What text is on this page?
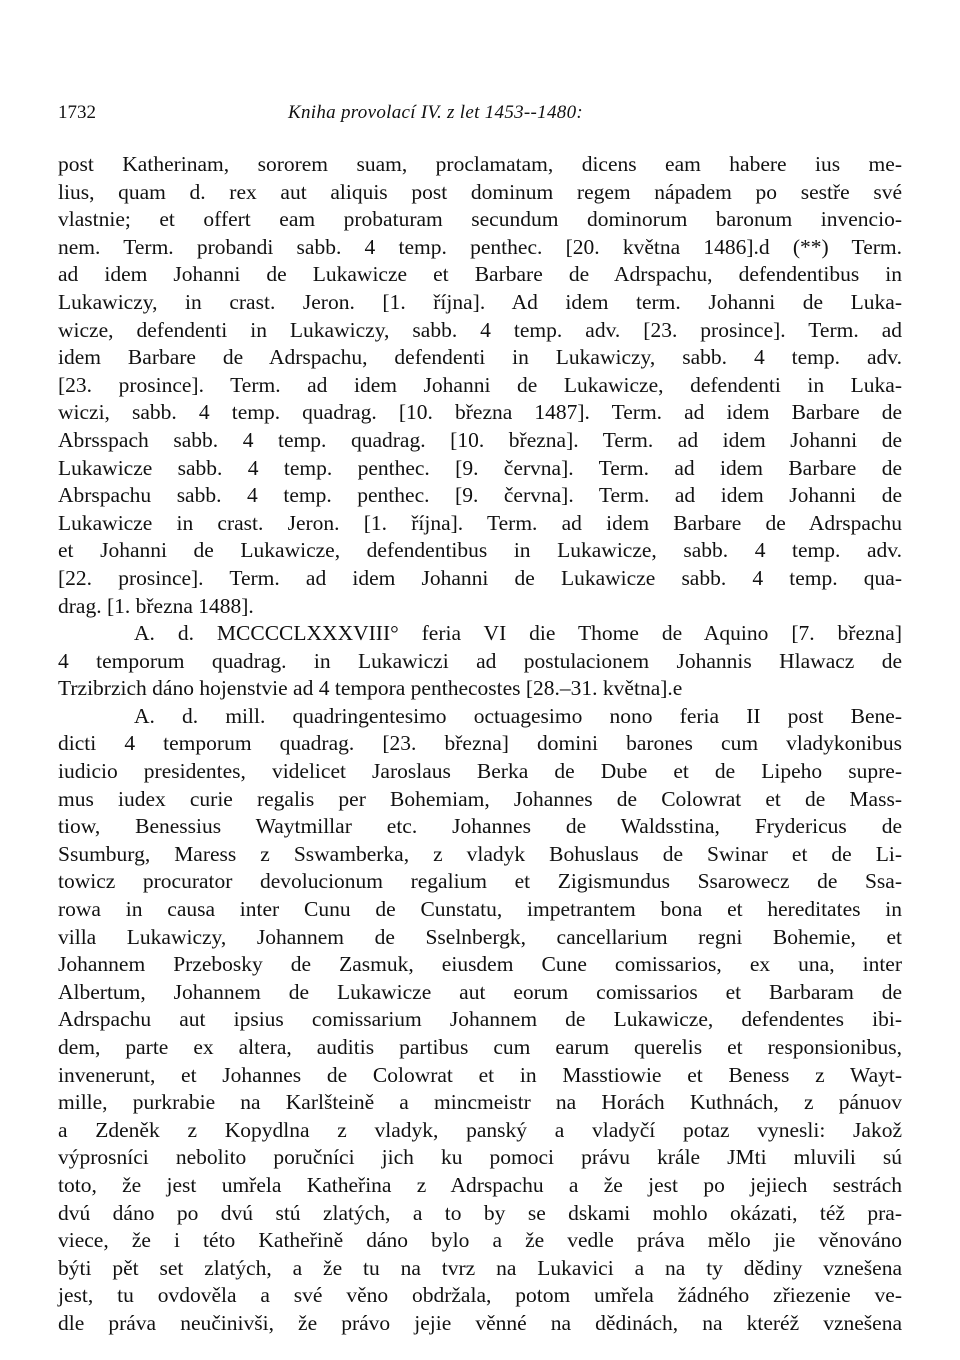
1732	Kniha provolací IV. z let 1453--1480:
post Katherinam, sororem suam, proclamatam, dicens eam habere ius me-
lius, quam d. rex aut aliquis post dominum regem nápadem po sestře své
vlastnie; et offert eam probaturam secundum dominorum baronum invencio-
nem. Term. probandi sabb. 4 temp. penthec. [20. května 1486].d (**) Term.
ad idem Johanni de Lukawicze et Barbare de Adrspachu, defendentibus in
Lukawiczy, in crast. Jeron. [1. října]. Ad idem term. Johanni de Luka-
wicze, defendenti in Lukawiczy, sabb. 4 temp. adv. [23. prosince]. Term. ad
idem Barbare de Adrspachu, defendenti in Lukawiczy, sabb. 4 temp. adv.
[23. prosince]. Term. ad idem Johanni de Lukawicze, defendenti in Luka-
wiczi, sabb. 4 temp. quadrag. [10. března 1487]. Term. ad idem Barbare de
Abrsspach sabb. 4 temp. quadrag. [10. března]. Term. ad idem Johanni de
Lukawicze sabb. 4 temp. penthec. [9. června]. Term. ad idem Barbare de
Abrspachu sabb. 4 temp. penthec. [9. června]. Term. ad idem Johanni de
Lukawicze in crast. Jeron. [1. října]. Term. ad idem Barbare de Adrspachu
et Johanni de Lukawicze, defendentibus in Lukawicze, sabb. 4 temp. adv.
[22. prosince]. Term. ad idem Johanni de Lukawicze sabb. 4 temp. qua-
drag. [1. března 1488].
A. d. MCCCCLXXXVIII° feria VI die Thome de Aquino [7. března]
4 temporum quadrag. in Lukawiczi ad postulacionem Johannis Hlawacz de
Trzibrzich dáno hojenstvie ad 4 tempora penthecostes [28.–31. května].e
A. d. mill. quadringentesimo octuagesimo nono feria II post Bene-
dicti 4 temporum quadrag. [23. března] domini barones cum vladykonibus
iudicio presidentes, videlicet Jaroslaus Berka de Dube et de Lipeho supre-
mus iudex curie regalis per Bohemiam, Johannes de Colowrat et de Mass-
tiow, Benessius Waytmillar etc. Johannes de Waldsstina, Frydericus de
Ssumburg, Maress z Sswamberka, z vladyk Bohuslaus de Swinar et de Li-
towicz procurator devolucionum regalium et Zigismundus Ssarowecz de Ssa-
rowa in causa inter Cunu de Cunstatu, impetrantem bona et hereditates in
villa Lukawiczy, Johannem de Sselnbergk, cancellarium regni Bohemie, et
Johannem Przebosky de Zasmuk, eiusdem Cune comissarios, ex una, inter
Albertum, Johannem de Lukawicze aut eorum comissarios et Barbaram de
Adrspachu aut ipsius comissarium Johannem de Lukawicze, defendentes ibi-
dem, parte ex altera, auditis partibus cum earum querelis et responsionibus,
invenerunt, et Johannes de Colowrat et in Masstiowie et Beness z Wayt-
mille, purkrabie na Karlšteině a mincmeistr na Horách Kuthnách, z pánuov
a Zdeněk z Kopydlna z vladyk, panský a vladyčí potaz vynesli: Jakož
výprosníci nebolito poručníci jich ku pomoci právu krále JMti mluvili sú
toto, že jest umřela Katheřina z Adrspachu a že jest po jejiech sestrách
dvú dáno po dvú stú zlatých, a to by se dskami mohlo okázati, též pra-
viece, že i této Katheřině dáno bylo a že vedle práva mělo jie věnováno
býti pět set zlatých, a že tu na tvrz na Lukavici a na ty dědiny vznešena
jest, tu ovdověla a své věno obdržala, potom umřela žádného zřiezenie ve-
dle práva neučinivši, že právo jejie věnné na dědinách, na kteréž vznešena
